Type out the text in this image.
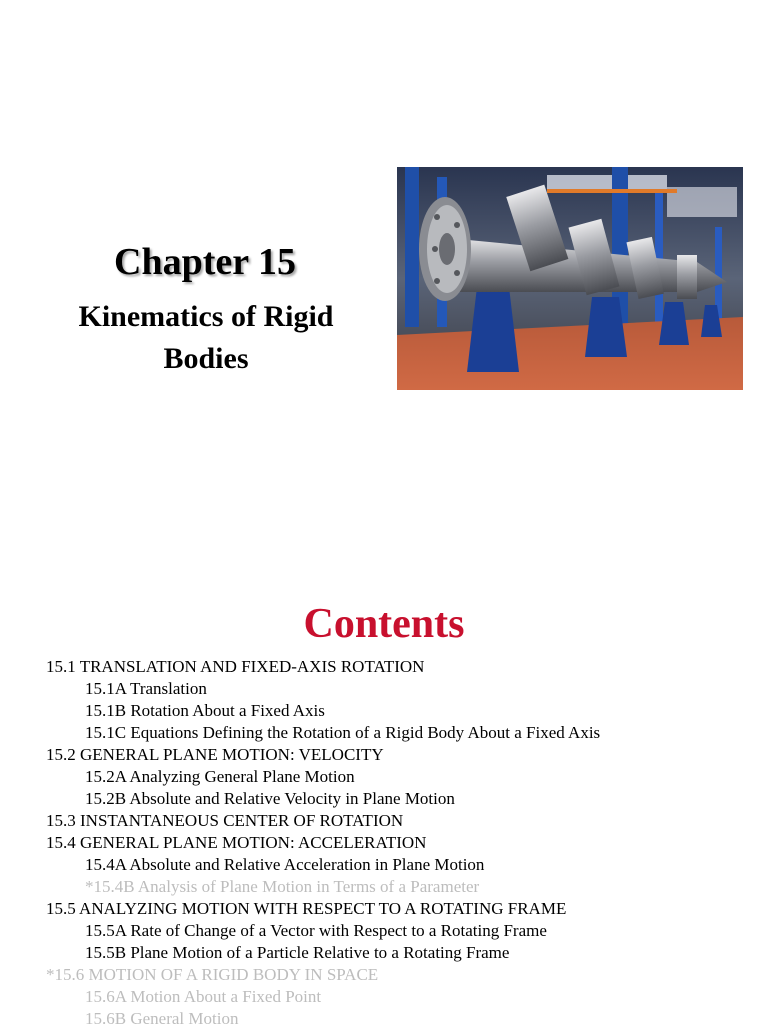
Chapter 15
Kinematics of Rigid
Bodies
Contents
15.1 TRANSLATION AND FIXED-AXIS ROTATION
15.1A Translation
15.1B Rotation About a Fixed Axis
15.1C Equations Defining the Rotation of a Rigid Body About a Fixed Axis
15.2 GENERAL PLANE MOTION: VELOCITY
15.2A Analyzing General Plane Motion
15.2B Absolute and Relative Velocity in Plane Motion
15.3 INSTANTANEOUS CENTER OF ROTATION
15.4 GENERAL PLANE MOTION: ACCELERATION
15.4A Absolute and Relative Acceleration in Plane Motion
*15.4B Analysis of Plane Motion in Terms of a Parameter
15.5 ANALYZING MOTION WITH RESPECT TO A ROTATING FRAME
15.5A Rate of Change of a Vector with Respect to a Rotating Frame
15.5B Plane Motion of a Particle Relative to a Rotating Frame
*15.6 MOTION OF A RIGID BODY IN SPACE
15.6A Motion About a Fixed Point
15.6B General Motion
